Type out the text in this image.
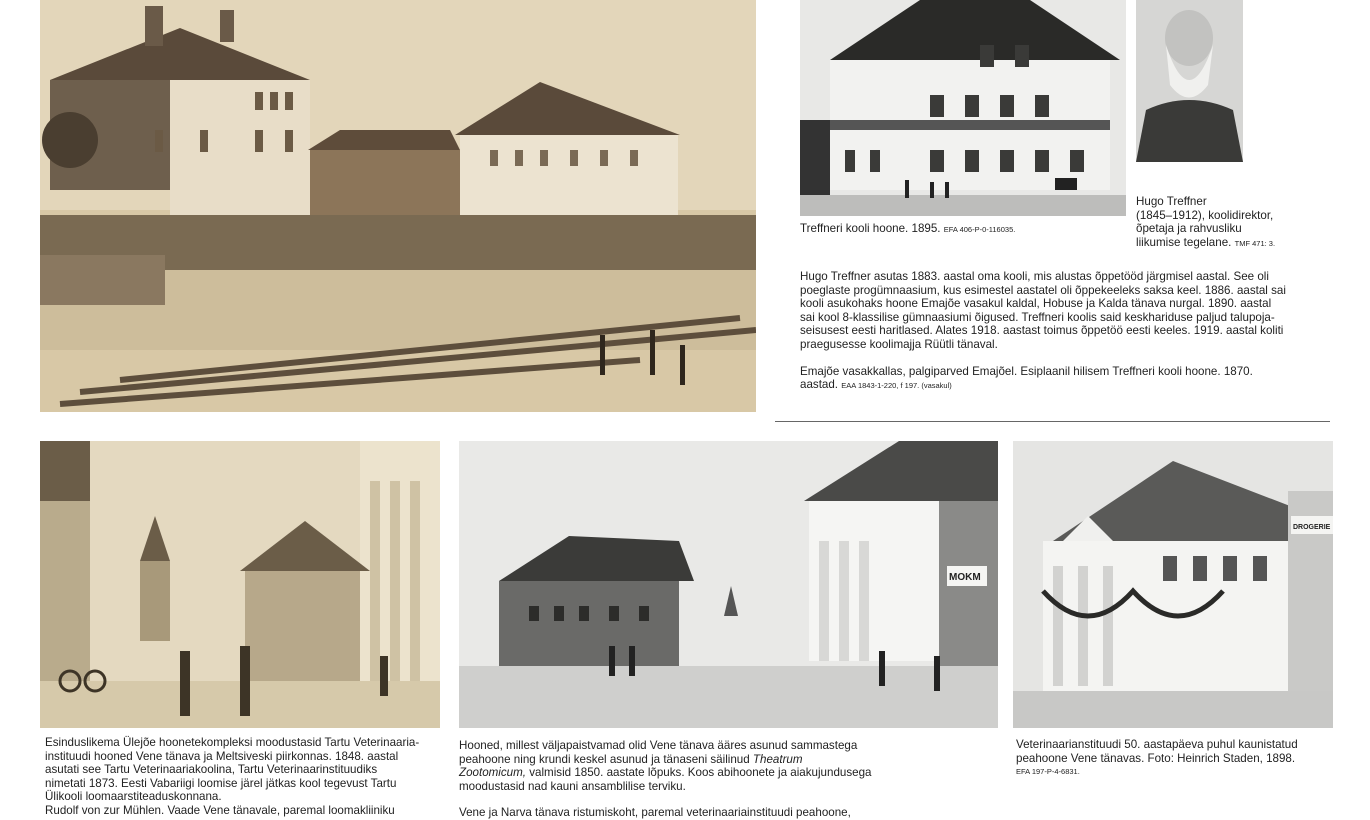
Treffneri kooli hoone. 1895. EFA 406-P-0-116035.

Hugo Treffner

(1845–1912), koolidirektor,

õpetaja ja rahvusliku

liikumise tegelane. TMF 471: 3.

Hugo Treffner asutas 1883. aastal oma kooli, mis alustas õppetööd järgmisel aastal. See oli

poeglaste progümnaasium, kus esimestel aastatel oli õppekeeleks saksa keel. 1886. aastal sai

kooli asukohaks hoone Emajõe vasakul kaldal, Hobuse ja Kalda tänava nurgal. 1890. aastal

sai kool 8-klassilise gümnaasiumi õigused. Treffneri koolis said keskhariduse paljud talupoja-

seisusest eesti haritlased. Alates 1918. aastast toimus õppetöö eesti keeles. 1919. aastal koliti

praegusesse koolimajja Rüütli tänaval.

Emajõe vasakkallas, palgiparved Emajõel. Esiplaanil hilisem Treffneri kooli hoone. 1870.

aastad. EAA 1843-1-220, f 197. (vasakul)

MOKM
DROGERIE

Esinduslikema Ülejõe hoonetekompleksi moodustasid Tartu Veterinaaria-

instituudi hooned Vene tänava ja Meltsiveski piirkonnas. 1848. aastal

asutati see Tartu Veterinaariakoolina, Tartu Veterinaarinstituudiks

nimetati 1873. Eesti Vabariigi loomise järel jätkas kool tegevust Tartu

Ülikooli loomaarstiteaduskonnana.

Rudolf von zur Mühlen. Vaade Vene tänavale, paremal loomakliiniku

Hooned, millest väljapaistvamad olid Vene tänava ääres asunud sammastega

peahoone ning krundi keskel asunud ja tänaseni säilinud Theatrum

Zootomicum, valmisid 1850. aastate lõpuks. Koos abihoonete ja aiakujundusega

moodustasid nad kauni ansamblilise terviku.

Vene ja Narva tänava ristumiskoht, paremal veterinaariainstituudi peahoone,

Veterinaarianstituudi 50. aastapäeva puhul kaunistatud

peahoone Vene tänavas. Foto: Heinrich Staden, 1898.

EFA 197-P-4-6831.
